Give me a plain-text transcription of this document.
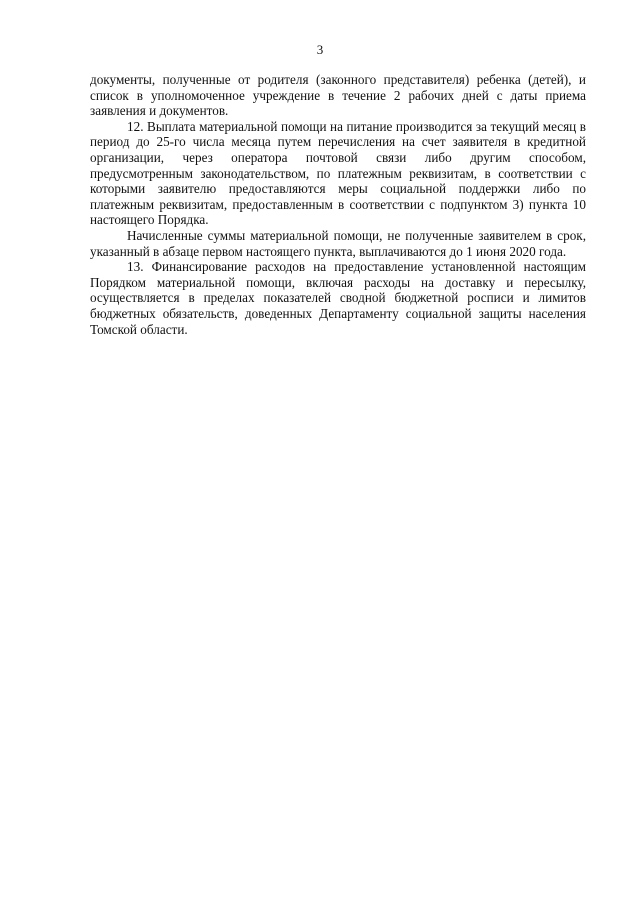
3

документы, полученные от родителя (законного представителя) ребенка (детей), и список в уполномоченное учреждение в течение 2 рабочих дней с даты приема заявления и документов.

12. Выплата материальной помощи на питание производится за текущий месяц в период до 25-го числа месяца путем перечисления на счет заявителя в кредитной организации, через оператора почтовой связи либо другим способом, предусмотренным законодательством, по платежным реквизитам, в соответствии с которыми заявителю предоставляются меры социальной поддержки либо по платежным реквизитам, предоставленным в соответствии с подпунктом 3) пункта 10 настоящего Порядка.

Начисленные суммы материальной помощи, не полученные заявителем в срок, указанный в абзаце первом настоящего пункта, выплачиваются до 1 июня 2020 года.

13. Финансирование расходов на предоставление установленной настоящим Порядком материальной помощи, включая расходы на доставку и пересылку, осуществляется в пределах показателей сводной бюджетной росписи и лимитов бюджетных обязательств, доведенных Департаменту социальной защиты населения Томской области.
